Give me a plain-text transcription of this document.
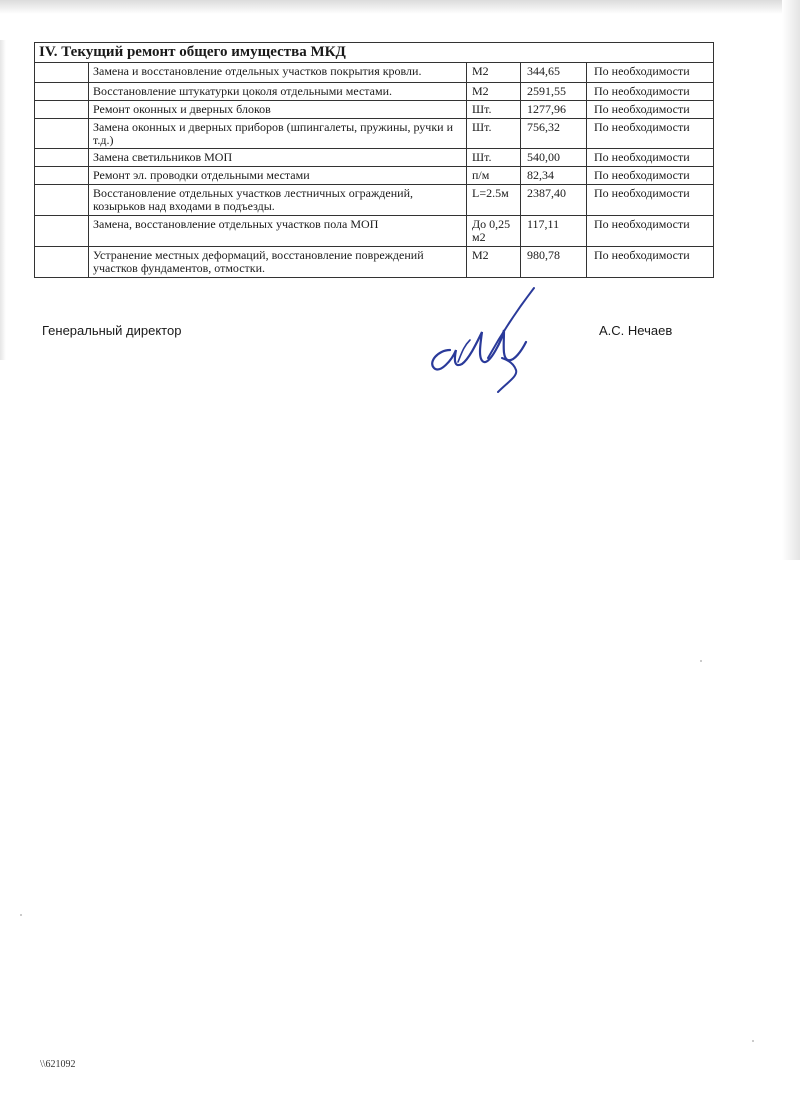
IV. Текущий ремонт общего имущества МКД				
	Замена и восстановление отдельных участков покрытия кровли.	М2	344,65	По необходимости
	Восстановление штукатурки цоколя отдельными местами.	М2	2591,55	По необходимости
	Ремонт оконных и дверных блоков	Шт.	1277,96	По необходимости
	Замена оконных и дверных приборов (шпингалеты, пружины, ручки и т.д.)	Шт.	756,32	По необходимости
	Замена светильников МОП	Шт.	540,00	По необходимости
	Ремонт эл. проводки отдельными местами	п/м	82,34	По необходимости
	Восстановление отдельных участков лестничных ограждений, козырьков над входами в подъезды.	L=2.5м	2387,40	По необходимости
	Замена, восстановление отдельных участков пола МОП	До 0,25 м2	117,11	По необходимости
	Устранение местных деформаций, восстановление повреждений участков фундаментов, отмостки.	М2	980,78	По необходимости
Генеральный директор	А.С. Нечаев
\\621092
